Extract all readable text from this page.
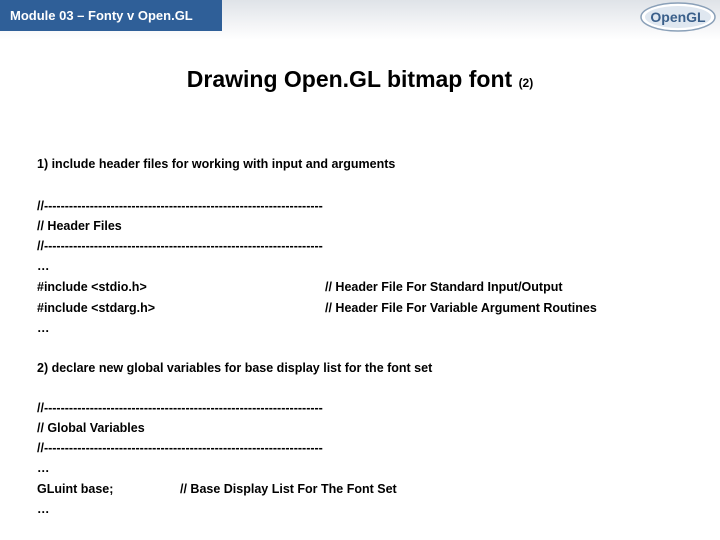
Module 03 – Fonty v Open.GL	OpenGL
Drawing Open.GL bitmap font (2)
1) include header files for working with input and arguments
//-------------------------------------------------------------------
// Header Files
//-------------------------------------------------------------------
…
#include <stdio.h>	// Header File For Standard Input/Output
#include <stdarg.h>	// Header File For Variable Argument Routines
…
2) declare new global variables for base display list for the font set
//-------------------------------------------------------------------
// Global Variables
//-------------------------------------------------------------------
…
GLuint base;	// Base Display List For The Font Set
…
